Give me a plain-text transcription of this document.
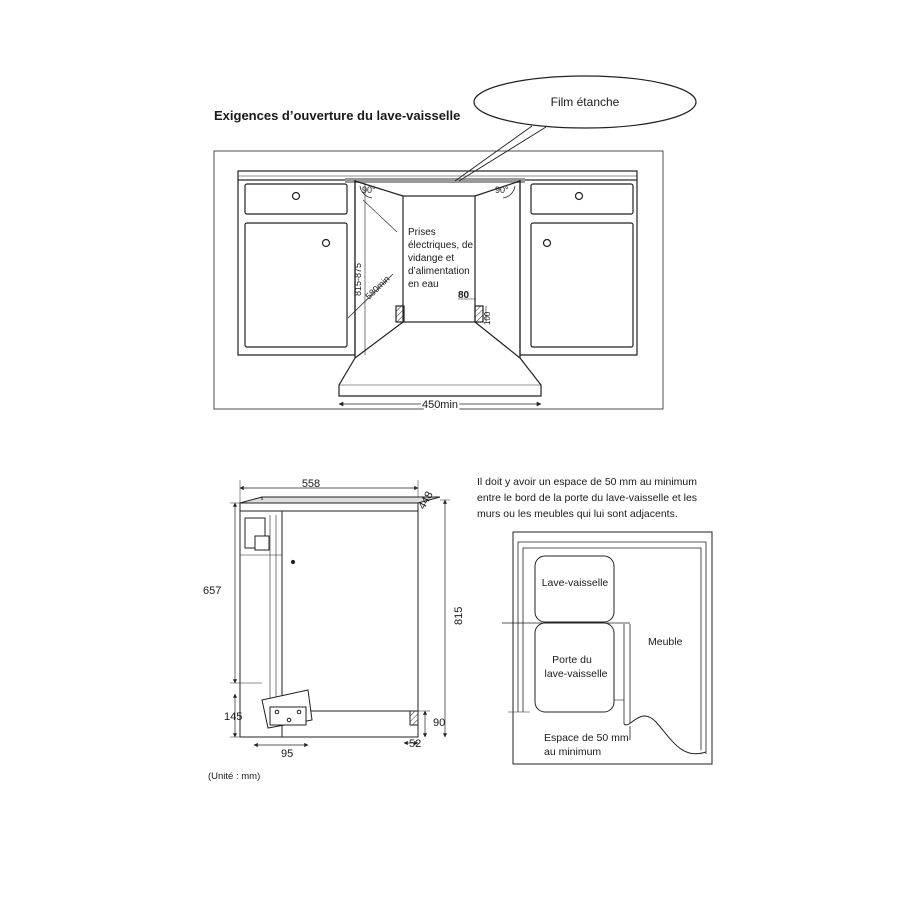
Exigences d’ouverture du lave-vaisselle
Il doit y avoir un espace de 50 mm au minimum entre le bord de la porte du lave-vaisselle et les murs ou les meubles qui lui sont adjacents.
(Unité : mm)
Film étanche
90°	90°
815-875 580min
Prises
électriques, de
vidange et
d’alimentation
en eau
80
100
450min
558
448
815
657
145
95
90
52
Lave-vaisselle
Porte du
lave-vaisselle
Meuble
Espace de 50 mm
au minimum
